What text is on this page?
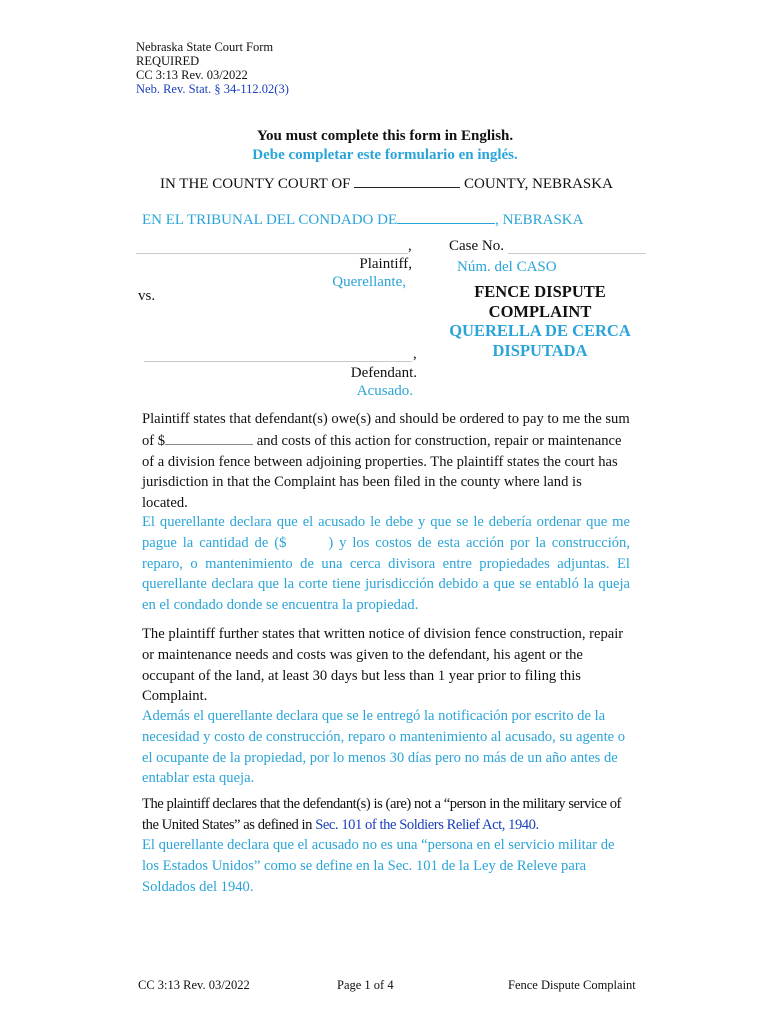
Nebraska State Court Form
REQUIRED
CC 3:13 Rev. 03/2022
Neb. Rev. Stat. § 34-112.02(3)
You must complete this form in English.
Debe completar este formulario en inglés.
IN THE COUNTY COURT OF	COUNTY, NEBRASKA
EN EL TRIBUNAL DEL CONDADO DE	, NEBRASKA
,
Plaintiff,
Querellante,
vs.
,
Defendant.
Acusado.
Case No.
Núm. del CASO
FENCE DISPUTE
COMPLAINT
QUERELLA DE CERCA
DISPUTADA
Plaintiff states that defendant(s) owe(s) and should be ordered to pay to me the sum of $	and costs of this action for construction, repair or maintenance of a division fence between adjoining properties. The plaintiff states the court has jurisdiction in that the Complaint has been filed in the county where land is located.
El querellante declara que el acusado le debe y que se le debería ordenar que me pague la cantidad de ($	) y los costos de esta acción por la construcción, reparo, o mantenimiento de una cerca divisora entre propiedades adjuntas. El querellante declara que la corte tiene jurisdicción debido a que se entabló la queja en el condado donde se encuentra la propiedad.
The plaintiff further states that written notice of division fence construction, repair or maintenance needs and costs was given to the defendant, his agent or the occupant of the land, at least 30 days but less than 1 year prior to filing this Complaint.
Además el querellante declara que se le entregó la notificación por escrito de la necesidad y costo de construcción, reparo o mantenimiento al acusado, su agente o el ocupante de la propiedad, por lo menos 30 días pero no más de un año antes de entablar esta queja.
The plaintiff declares that the defendant(s) is (are) not a “person in the military service of the United States” as defined in Sec. 101 of the Soldiers Relief Act, 1940.
El querellante declara que el acusado no es una “persona en el servicio militar de los Estados Unidos” como se define en la Sec. 101 de la Ley de Releve para Soldados del 1940.
CC 3:13 Rev. 03/2022	Page 1 of 4	Fence Dispute Complaint
